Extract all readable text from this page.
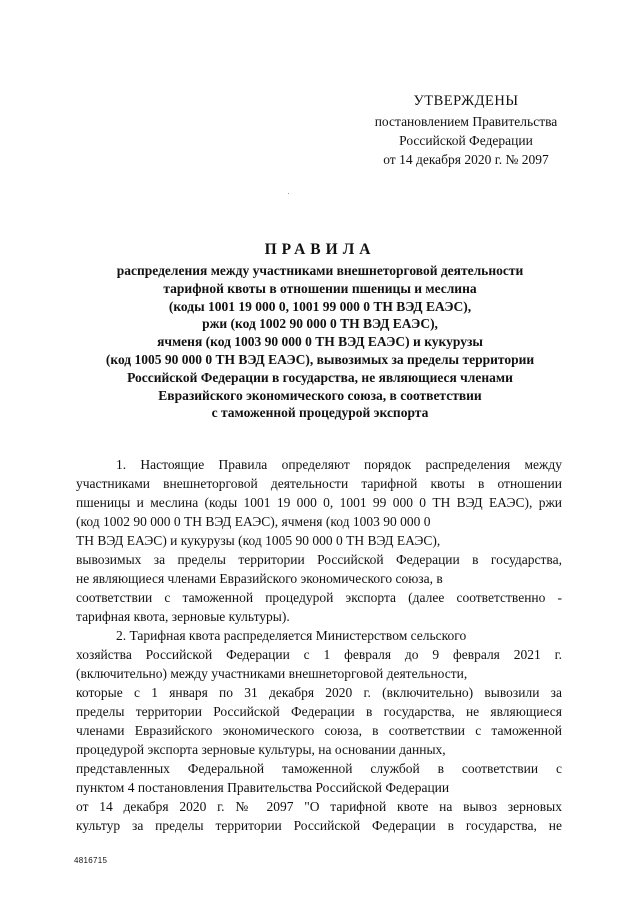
УТВЕРЖДЕНЫ
постановлением Правительства
Российской Федерации
от 14 декабря 2020 г. № 2097
ПРАВИЛА
распределения между участниками внешнеторговой деятельности
тарифной квоты в отношении пшеницы и меслина
(коды 1001 19 000 0, 1001 99 000 0 ТН ВЭД ЕАЭС),
ржи (код 1002 90 000 0 ТН ВЭД ЕАЭС),
ячменя (код 1003 90 000 0 ТН ВЭД ЕАЭС) и кукурузы
(код 1005 90 000 0 ТН ВЭД ЕАЭС), вывозимых за пределы территории
Российской Федерации в государства, не являющиеся членами
Евразийского экономического союза, в соответствии
с таможенной процедурой экспорта
1. Настоящие Правила определяют порядок распределения между
участниками внешнеторговой деятельности тарифной квоты в отношении
пшеницы и меслина (коды 1001 19 000 0, 1001 99 000 0 ТН ВЭД ЕАЭС), ржи
(код 1002 90 000 0 ТН ВЭД ЕАЭС), ячменя (код 1003 90 000 0
ТН ВЭД ЕАЭС) и кукурузы (код 1005 90 000 0 ТН ВЭД ЕАЭС),
вывозимых за пределы территории Российской Федерации в государства,
не являющиеся членами Евразийского экономического союза, в
соответствии с таможенной процедурой экспорта (далее соответственно -
тарифная квота, зерновые культуры).
2. Тарифная квота распределяется Министерством сельского
хозяйства Российской Федерации с 1 февраля до 9 февраля 2021 г.
(включительно) между участниками внешнеторговой деятельности,
которые с 1 января по 31 декабря 2020 г. (включительно) вывозили за
пределы территории Российской Федерации в государства, не являющиеся
членами Евразийского экономического союза, в соответствии с таможенной
процедурой экспорта зерновые культуры, на основании данных,
представленных Федеральной таможенной службой в соответствии с
пунктом 4 постановления Правительства Российской Федерации
от 14 декабря 2020 г. № 2097 "О тарифной квоте на вывоз зерновых
культур за пределы территории Российской Федерации в государства, не
4816715
